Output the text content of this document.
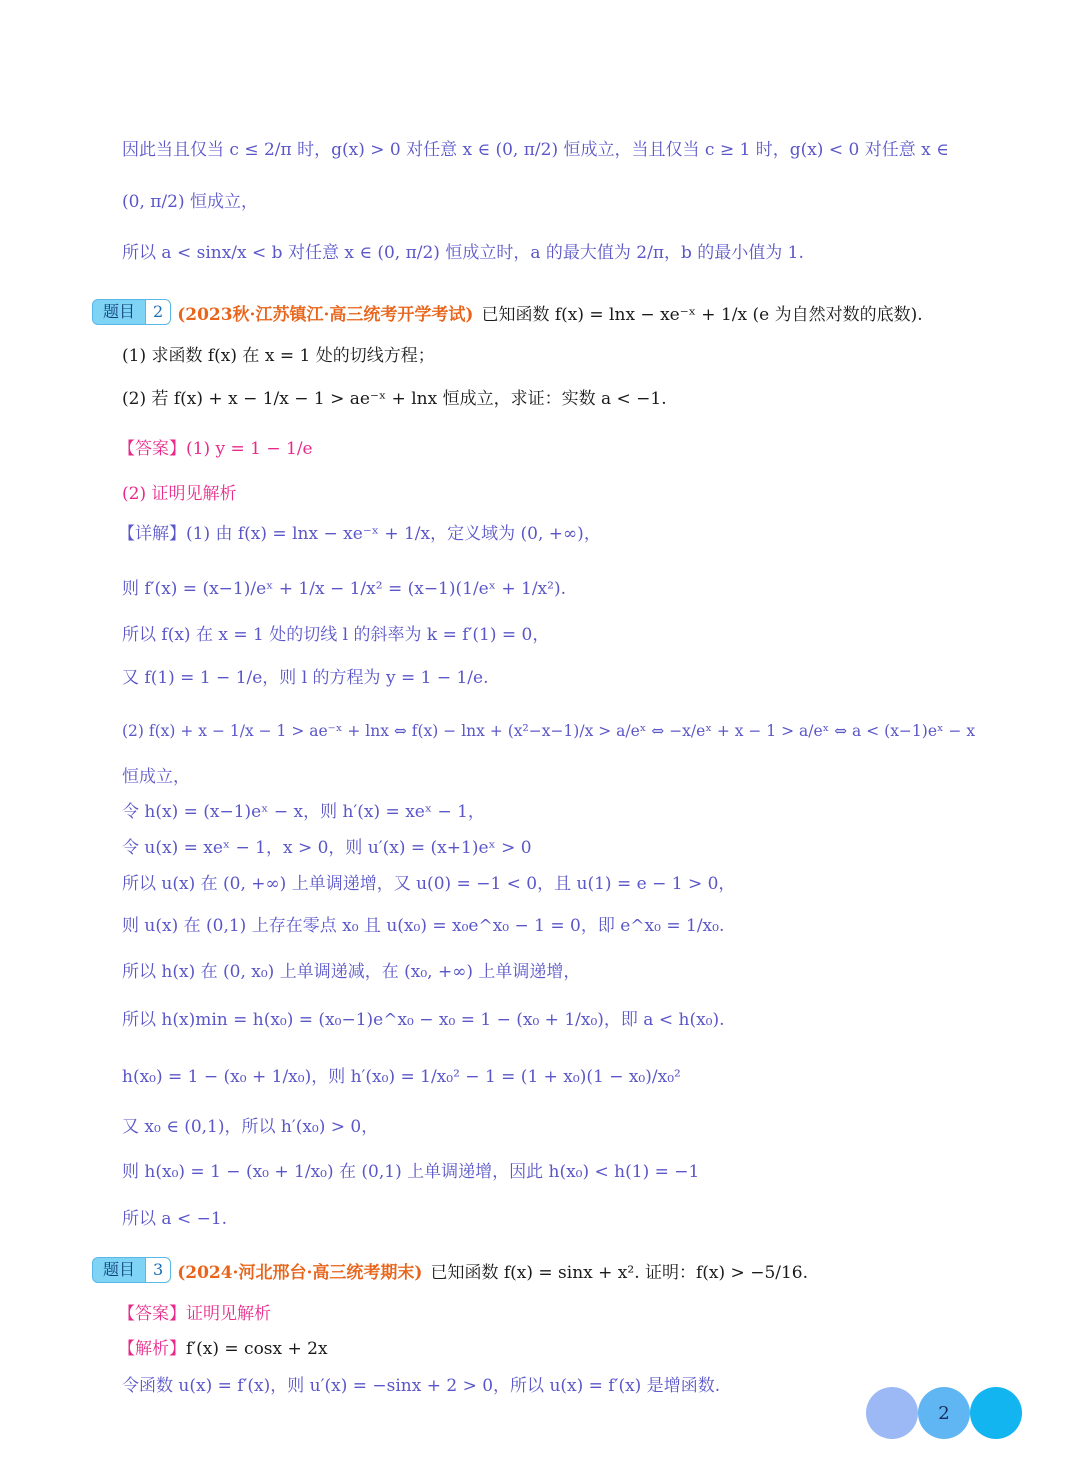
因此当且仅当 c ≤ 2/π 时，g(x) > 0 对任意 x ∈ (0, π/2) 恒成立，当且仅当 c ≥ 1 时，g(x) < 0 对任意 x ∈
(0, π/2) 恒成立，
所以 a < sinx/x < b 对任意 x ∈ (0, π/2) 恒成立时，a 的最大值为 2/π，b 的最小值为 1.
题目	2 (2023秋·江苏镇江·高三统考开学考试) 已知函数 f(x) = lnx − xe⁻ˣ + 1/x (e 为自然对数的底数).
(1) 求函数 f(x) 在 x = 1 处的切线方程；
(2) 若 f(x) + x − 1/x − 1 > ae⁻ˣ + lnx 恒成立，求证：实数 a < −1.
【答案】(1) y = 1 − 1/e
(2) 证明见解析
【详解】(1) 由 f(x) = lnx − xe⁻ˣ + 1/x，定义域为 (0, +∞)，
则 f′(x) = (x−1)/eˣ + 1/x − 1/x² = (x−1)(1/eˣ + 1/x²).
所以 f(x) 在 x = 1 处的切线 l 的斜率为 k = f′(1) = 0，
又 f(1) = 1 − 1/e，则 l 的方程为 y = 1 − 1/e.
(2) f(x) + x − 1/x − 1 > ae⁻ˣ + lnx ⇔ f(x) − lnx + (x²−x−1)/x > a/eˣ ⇔ −x/eˣ + x − 1 > a/eˣ ⇔ a < (x−1)eˣ − x
恒成立，
令 h(x) = (x−1)eˣ − x，则 h′(x) = xeˣ − 1，
令 u(x) = xeˣ − 1，x > 0，则 u′(x) = (x+1)eˣ > 0
所以 u(x) 在 (0, +∞) 上单调递增，又 u(0) = −1 < 0，且 u(1) = e − 1 > 0，
则 u(x) 在 (0,1) 上存在零点 x₀ 且 u(x₀) = x₀e^x₀ − 1 = 0，即 e^x₀ = 1/x₀.
所以 h(x) 在 (0, x₀) 上单调递减，在 (x₀, +∞) 上单调递增，
所以 h(x)min = h(x₀) = (x₀−1)e^x₀ − x₀ = 1 − (x₀ + 1/x₀)，即 a < h(x₀).
h(x₀) = 1 − (x₀ + 1/x₀)，则 h′(x₀) = 1/x₀² − 1 = (1 + x₀)(1 − x₀)/x₀²
又 x₀ ∈ (0,1)，所以 h′(x₀) > 0，
则 h(x₀) = 1 − (x₀ + 1/x₀) 在 (0,1) 上单调递增，因此 h(x₀) < h(1) = −1
所以 a < −1.
题目	3 (2024·河北邢台·高三统考期末) 已知函数 f(x) = sinx + x². 证明：f(x) > −5/16.
【答案】证明见解析
【解析】f′(x) = cosx + 2x
令函数 u(x) = f′(x)，则 u′(x) = −sinx + 2 > 0，所以 u(x) = f′(x) 是增函数.
2
